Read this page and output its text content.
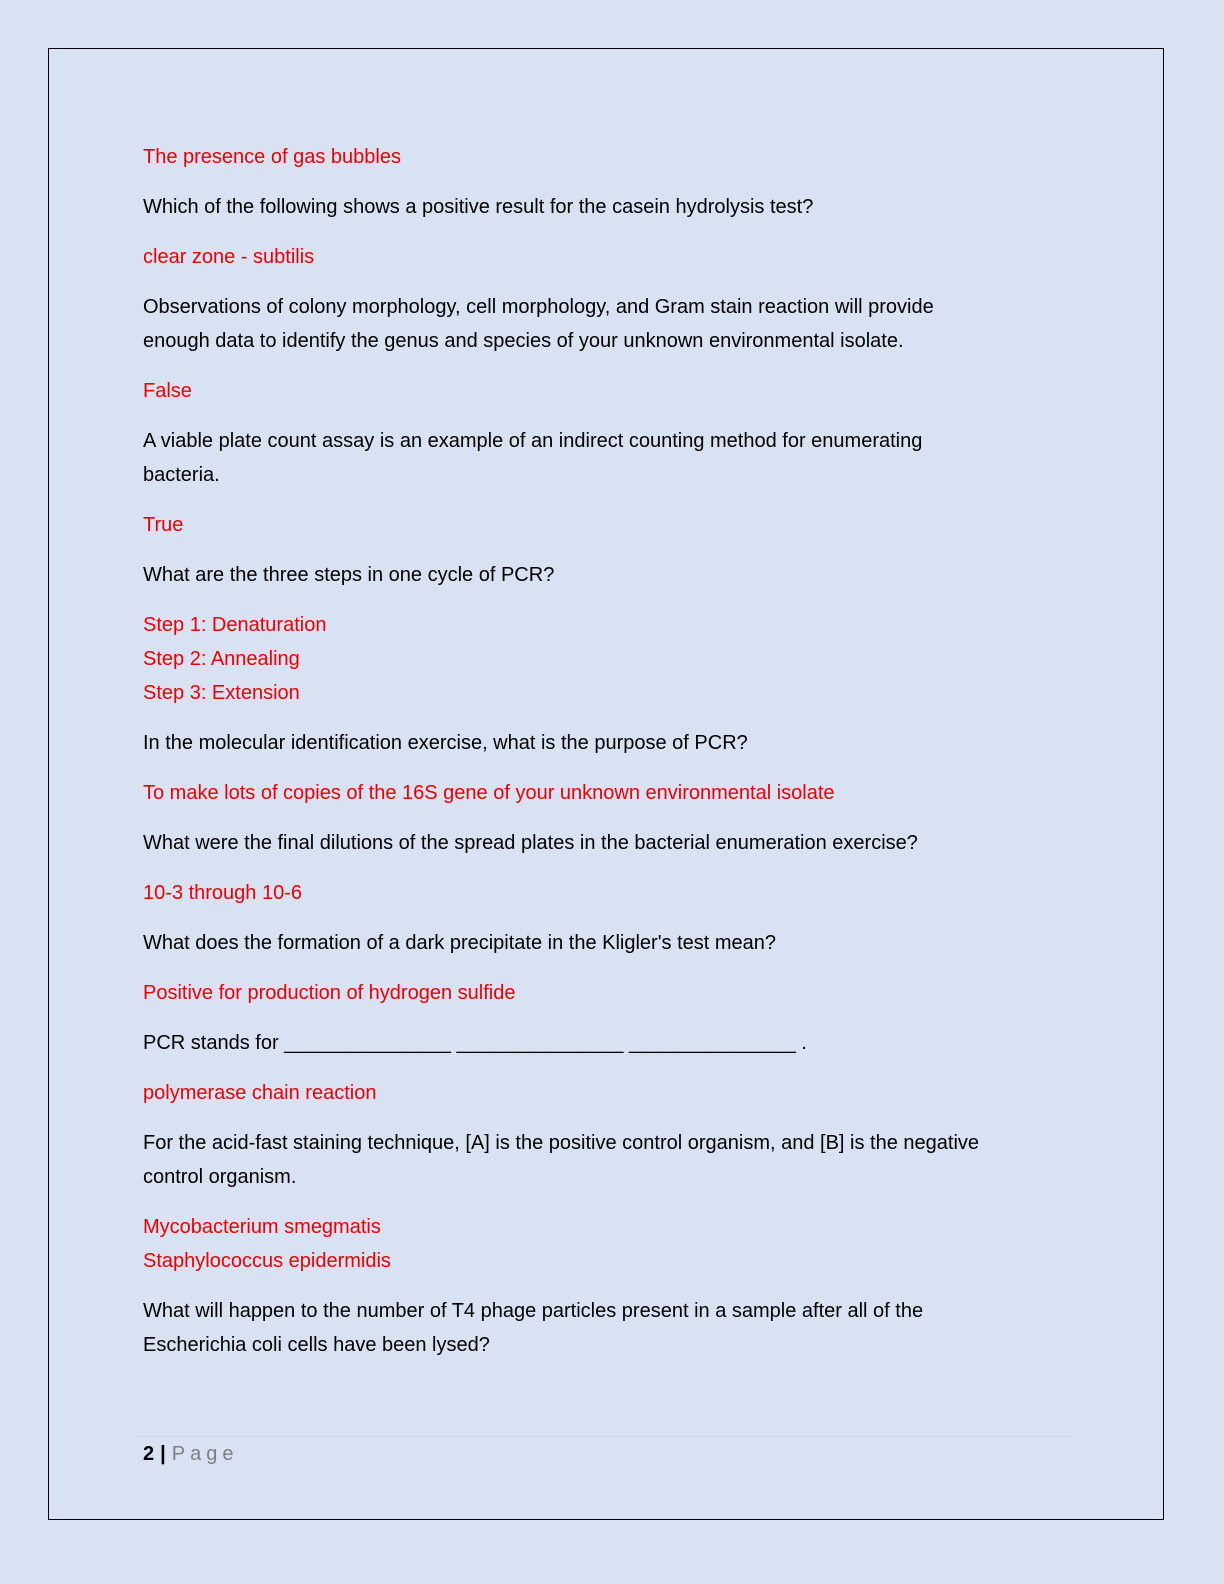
The presence of gas bubbles
Which of the following shows a positive result for the casein hydrolysis test?
clear zone - subtilis
Observations of colony morphology, cell morphology, and Gram stain reaction will provide
enough data to identify the genus and species of your unknown environmental isolate.
False
A viable plate count assay is an example of an indirect counting method for enumerating
bacteria.
True
What are the three steps in one cycle of PCR?
Step 1: Denaturation
Step 2: Annealing
Step 3: Extension
In the molecular identification exercise, what is the purpose of PCR?
To make lots of copies of the 16S gene of your unknown environmental isolate
What were the final dilutions of the spread plates in the bacterial enumeration exercise?
10-3 through 10-6
What does the formation of a dark precipitate in the Kligler's test mean?
Positive for production of hydrogen sulfide
PCR stands for _______________ _______________ _______________ .
polymerase chain reaction
For the acid-fast staining technique, [A] is the positive control organism, and [B] is the negative
control organism.
Mycobacterium smegmatis
Staphylococcus epidermidis
What will happen to the number of T4 phage particles present in a sample after all of the
Escherichia coli cells have been lysed?
2 | Page
